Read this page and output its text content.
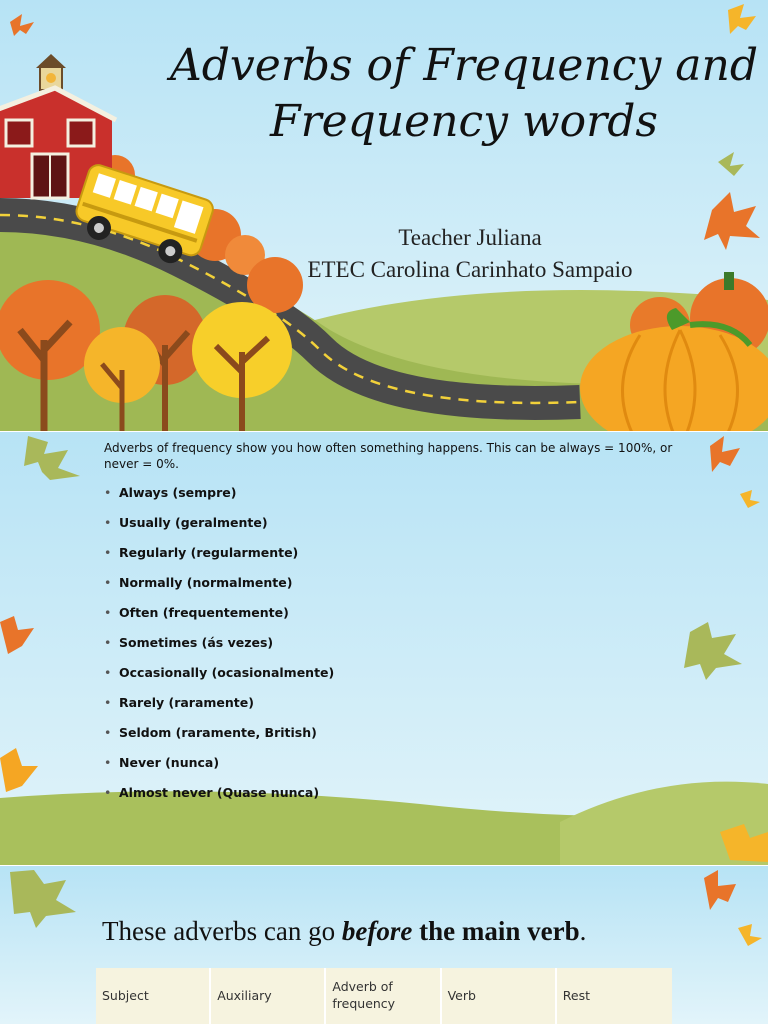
Adverbs of Frequency and
Frequency words
Teacher Juliana
ETEC Carolina Carinhato Sampaio
Adverbs of frequency show you how often something happens. This can be always = 100%, or never = 0%.
• Always (sempre)
• Usually (geralmente)
• Regularly (regularmente)
• Normally (normalmente)
• Often (frequentemente)
• Sometimes (ás vezes)
• Occasionally (ocasionalmente)
• Rarely (raramente)
• Seldom (raramente, British)
• Never (nunca)
• Almost never (Quase nunca)
These adverbs can go before the main verb.
Subject	Auxiliary
Adverb of frequency
Verb	Rest
